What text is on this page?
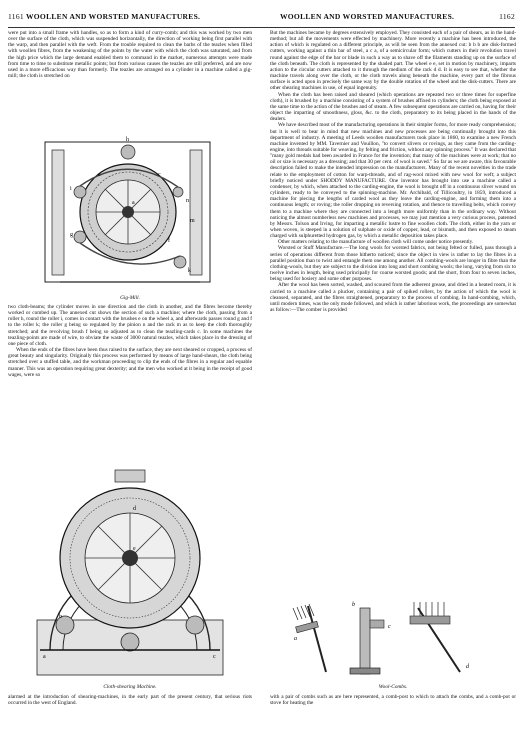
1161 WOOLLEN AND WORSTED MANUFACTURES.	WOOLLEN AND WORSTED MANUFACTURES.	1162

were put into a small frame with handles, so as to form a kind of curry-comb; and this was worked by two men over the surface of the cloth, which was suspended horizontally, the direction of working being first parallel with the warp, and then parallel with the weft. From the trouble required to clean the barbs of the teazles when filled with woollen fibres, from the weakening of the points by the water with which the cloth was saturated, and from the high price which the large demand enabled them to command in the market, numerous attempts were made from time to time to substitute metallic points; but from various causes the teazles are still preferred, and are now used in a more efficacious way than formerly. The teazles are arranged on a cylinder in a machine called a gig-mill; the cloth is stretched on

h
a
c
e
i
g
f
k
m
n
Gig-Mill.

two cloth-beams; the cylinder moves in one direction and the cloth in another, and the fibres become thereby worked or combed up. The annexed cut shows the section of such a machine; where the cloth, passing from a roller h, round the roller i, comes in contact with the brushes e on the wheel a, and afterwards passes round g and f to the roller k; the roller g being so regulated by the pinion n and the rack m as to keep the cloth thoroughly stretched; and the revolving brush f being so adjusted as to clean the teazling-cards c. In some machines the teazling-points are made of wire, to obviate the waste of 3000 natural teazles, which takes place in the dressing of one piece of cloth.

When the ends of the fibres have been thus raised to the surface, they are next sheared or cropped, a process of great beauty and singularity. Originally this process was performed by means of large hand-shears, the cloth being stretched over a stuffed table, and the workman proceeding to clip the ends of the fibres in a regular and equable manner. This was an operation requiring great dexterity; and the men who worked at it being in the receipt of good wages, were so

a
b
c
d
e
Cloth-shearing Machine.

alarmed at the introduction of shearing-machines, in the early part of the present century, that serious riots occurred in the west of England.

But the machines became by degrees extensively employed. They consisted each of a pair of shears, as in the hand-method; but all the movements were effected by machinery. More recently a machine has been introduced, the action of which is regulated on a different principle, as will be seen from the annexed cut: b b b are disk-formed cutters, working against a thin bar of steel, a c a, of a semicircular form; which cutters in their revolution travel round against the edge of the bar or blade in such a way as to shave off the filaments standing up on the surface of the cloth beneath. The cloth is represented by the shaded part. The wheel e e, set in motion by machinery, imparts action to the circular cutters attached to it through the medium of the rack d d. It is easy to see that, whether the machine travels along over the cloth, or the cloth travels along beneath the machine, every part of the fibrous surface is acted upon in precisely the same way by the double rotation of the wheel and the disk-cutters. There are other shearing machines in use, of equal ingenuity.

When the cloth has been raised and sheared (which operations are repeated two or three times for superfine cloth), it is brushed by a machine consisting of a system of brushes affixed to cylinders; the cloth being exposed at the same time to the action of the brushes and of steam. A few subsequent operations are carried on, having for their object the imparting of smoothness, gloss, &c. to the cloth, preparatory to its being placed in the hands of the dealers.

We have described most of the manufacturing operations in their simpler forms, for more ready comprehension; but it is well to bear in mind that new machines and new processes are being continually brought into this department of industry. A meeting of Leeds woollen manufacturers took place in 1860, to examine a new French machine invented by MM. Tavernier and Vouillon, "to convert slivers or rovings, as they came from the carding-engine, into threads suitable for weaving, by felting and friction, without any spinning process." It was declared that "many gold medals had been awarded in France for the invention; that many of the machines were at work; that no oil or size is necessary as a dressing; and that 30 per cent. of wool is saved." So far as we are aware, this favourable description failed to make the intended impression on the manufacturers. Many of the recent novelties in the trade relate to the employment of cotton for warp-threads, and of rag-wool mixed with new wool for weft; a subject briefly noticed under SHODDY MANUFACTURE. One inventor has brought into use a machine called a condenser, by which, when attached to the carding-engine, the wool is brought off in a continuous sliver wound on cylinders, ready to be conveyed to the spinning-machine. Mr. Archibald, of Tillicoultry, in 1859, introduced a machine for piecing the lengths of carded wool as they leave the carding-engine, and forming them into a continuous length; or roving; the roller dropping on reversing rotation, and thence to travelling belts, which convey them to a machine where they are connected into a length more uniformly than in the ordinary way. Without noticing the almost numberless new machines and processes, we may just mention a very curious process, patented by Messrs. Tolson and Irving, for imparting a metallic lustre to fine woollen cloth. The cloth, either in the yarn or when woven, is steeped in a solution of sulphate or oxide of copper, lead, or bismuth, and then exposed to steam charged with sulphuretted hydrogen gas, by which a metallic deposition takes place.

Other matters relating to the manufacture of woollen cloth will come under notice presently.

Worsted or Stuff Manufacture.—The long wools for worsted fabrics, not being felted or fulled, pass through a series of operations different from those hitherto noticed; since the object in view is rather to lay the fibres in a parallel position than to twist and entangle them one among another. All combing-wools are longer in fibre than the clothing-wools, but they are subject to the division into long and short combing wools; the long, varying from six to twelve inches in length, being used principally for coarse worsted goods; and the short, from four to seven inches, being used for hosiery and some other purposes.

After the wool has been sorted, washed, and scoured from the adherent grease, and dried in a heated room, it is carried to a machine called a plucker, containing a pair of spiked rollers, by the action of which the wool is cleansed, separated, and the fibres straightened, preparatory to the process of combing. In hand-combing, which, until modern times, was the only mode followed, and which is rather laborious work, the proceedings are somewhat as follow:—The comber is provided

a
b
c
d
Wool-Combs.

with a pair of combs such as are here represented, a comb-post to which to attach the combs, and a comb-pot or stove for heating the
